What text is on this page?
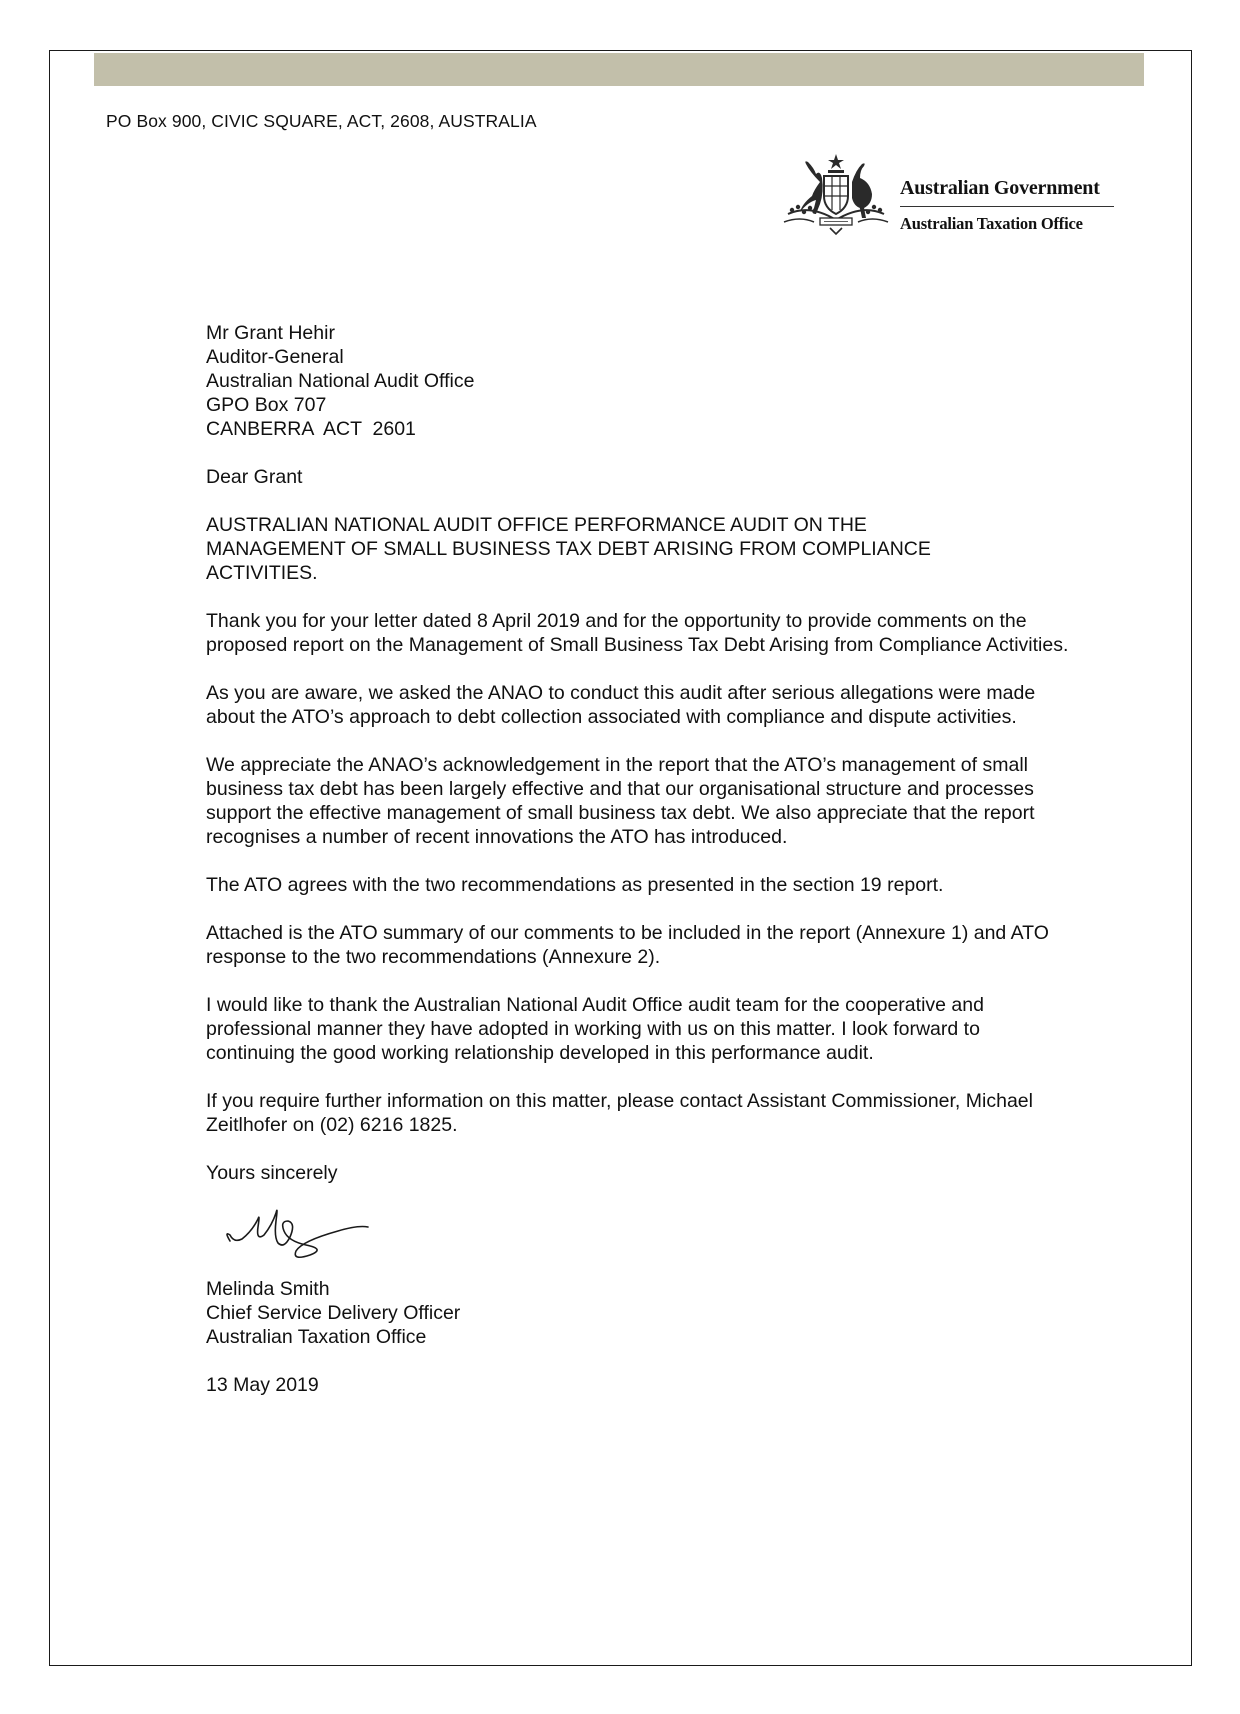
PO Box 900, CIVIC SQUARE, ACT, 2608, AUSTRALIA
Australian Government
Australian Taxation Office
Mr Grant Hehir
Auditor-General
Australian National Audit Office
GPO Box 707
CANBERRA  ACT  2601

Dear Grant

AUSTRALIAN NATIONAL AUDIT OFFICE PERFORMANCE AUDIT ON THE MANAGEMENT OF SMALL BUSINESS TAX DEBT ARISING FROM COMPLIANCE ACTIVITIES.

Thank you for your letter dated 8 April 2019 and for the opportunity to provide comments on the proposed report on the Management of Small Business Tax Debt Arising from Compliance Activities.

As you are aware, we asked the ANAO to conduct this audit after serious allegations were made about the ATO’s approach to debt collection associated with compliance and dispute activities.

We appreciate the ANAO’s acknowledgement in the report that the ATO’s management of small business tax debt has been largely effective and that our organisational structure and processes support the effective management of small business tax debt. We also appreciate that the report recognises a number of recent innovations the ATO has introduced.

The ATO agrees with the two recommendations as presented in the section 19 report.

Attached is the ATO summary of our comments to be included in the report (Annexure 1) and ATO response to the two recommendations (Annexure 2).

I would like to thank the Australian National Audit Office audit team for the cooperative and professional manner they have adopted in working with us on this matter. I look forward to continuing the good working relationship developed in this performance audit.

If you require further information on this matter, please contact Assistant Commissioner, Michael Zeitlhofer on (02) 6216 1825.

Yours sincerely

Melinda Smith
Chief Service Delivery Officer
Australian Taxation Office

13 May 2019
